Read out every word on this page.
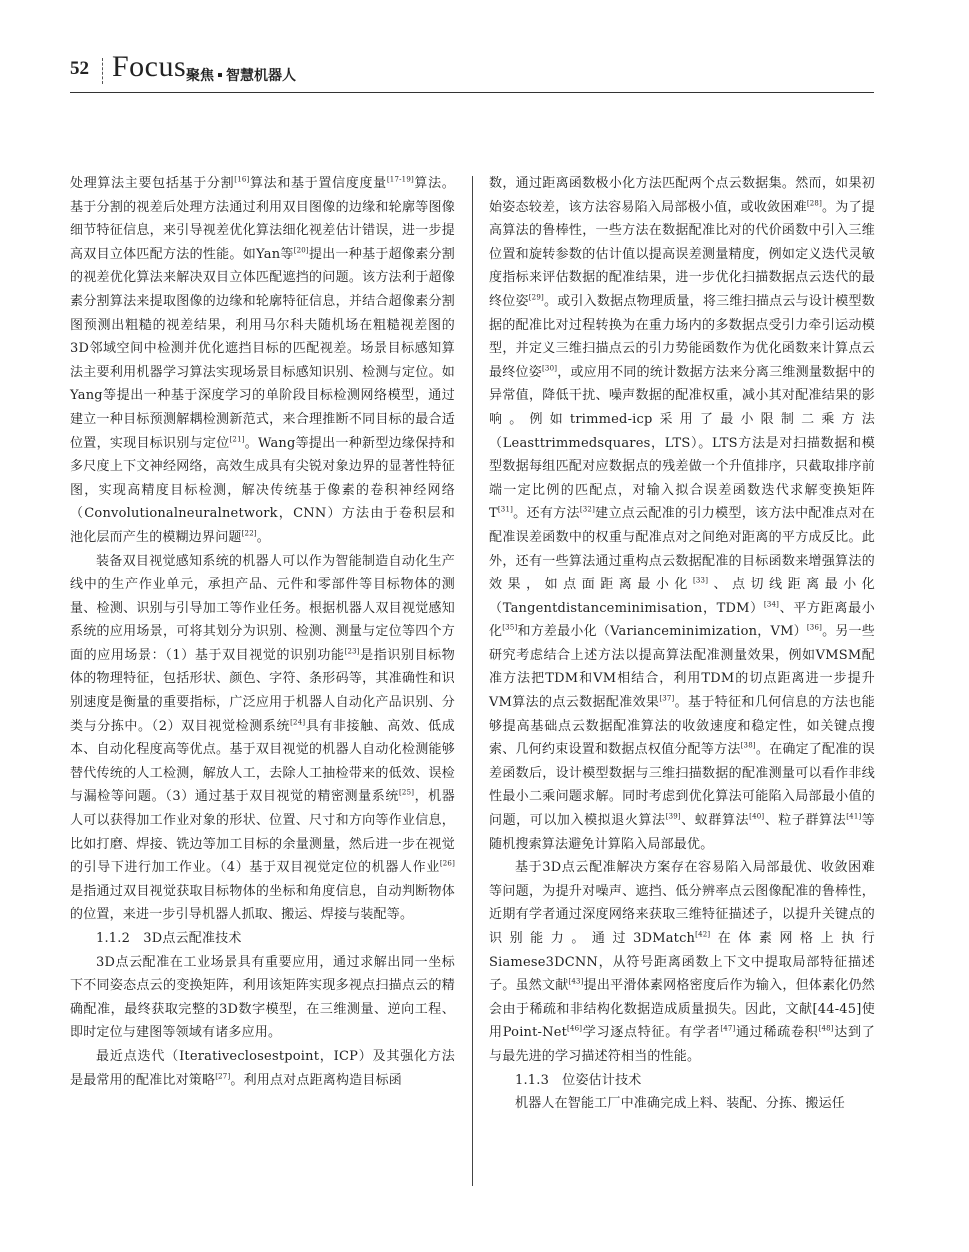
52 Focus 聚焦 智慧机器人

处理算法主要包括基于分割[16]算法和基于置信度度量[17-19]算法。基于分割的视差后处理方法通过利用双目图像的边缘和轮廓等图像细节特征信息，来引导视差优化算法细化视差估计错误，进一步提高双目立体匹配方法的性能。如Yan等[20]提出一种基于超像素分割的视差优化算法来解决双目立体匹配遮挡的问题。该方法利于超像素分割算法来提取图像的边缘和轮廓特征信息，并结合超像素分割图预测出粗糙的视差结果，利用马尔科夫随机场在粗糙视差图的3D邻域空间中检测并优化遮挡目标的匹配视差。场景目标感知算法主要利用机器学习算法实现场景目标感知识别、检测与定位。如Yang等提出一种基于深度学习的单阶段目标检测网络模型，通过建立一种目标预测解耦检测新范式，来合理推断不同目标的最合适位置，实现目标识别与定位[21]。Wang等提出一种新型边缘保持和多尺度上下文神经网络，高效生成具有尖锐对象边界的显著性特征图，实现高精度目标检测，解决传统基于像素的卷积神经网络（Convolutionalneuralnetwork，CNN）方法由于卷积层和池化层而产生的模糊边界问题[22]。

装备双目视觉感知系统的机器人可以作为智能制造自动化生产线中的生产作业单元，承担产品、元件和零部件等目标物体的测量、检测、识别与引导加工等作业任务。根据机器人双目视觉感知系统的应用场景，可将其划分为识别、检测、测量与定位等四个方面的应用场景：（1）基于双目视觉的识别功能[23]是指识别目标物体的物理特征，包括形状、颜色、字符、条形码等，其准确性和识别速度是衡量的重要指标，广泛应用于机器人自动化产品识别、分类与分拣中。（2）双目视觉检测系统[24]具有非接触、高效、低成本、自动化程度高等优点。基于双目视觉的机器人自动化检测能够替代传统的人工检测，解放人工，去除人工抽检带来的低效、误检与漏检等问题。（3）通过基于双目视觉的精密测量系统[25]，机器人可以获得加工作业对象的形状、位置、尺寸和方向等作业信息，比如打磨、焊接、铣边等加工目标的余量测量，然后进一步在视觉的引导下进行加工作业。（4）基于双目视觉定位的机器人作业[26]是指通过双目视觉获取目标物体的坐标和角度信息，自动判断物体的位置，来进一步引导机器人抓取、搬运、焊接与装配等。

1.1.2　3D点云配准技术

3D点云配准在工业场景具有重要应用，通过求解出同一坐标下不同姿态点云的变换矩阵，利用该矩阵实现多视点扫描点云的精确配准，最终获取完整的3D数字模型，在三维测量、逆向工程、即时定位与建图等领域有诸多应用。

最近点迭代（Iterativeclosestpoint，ICP）及其强化方法是最常用的配准比对策略[27]。利用点对点距离构造目标函

数，通过距离函数极小化方法匹配两个点云数据集。然而，如果初始姿态较差，该方法容易陷入局部极小值，或收敛困难[28]。为了提高算法的鲁棒性，一些方法在数据配准比对的代价函数中引入三维位置和旋转参数的估计值以提高误差测量精度，例如定义迭代灵敏度指标来评估数据的配准结果，进一步优化扫描数据点云迭代的最终位姿[29]。或引入数据点物理质量，将三维扫描点云与设计模型数据的配准比对过程转换为在重力场内的多数据点受引力牵引运动模型，并定义三维扫描点云的引力势能函数作为优化函数来计算点云最终位姿[30]，或应用不同的统计数据方法来分离三维测量数据中的异常值，降低干扰、噪声数据的配准权重，减小其对配准结果的影响。例如trimmed-icp采用了最小限制二乘方法（Leasttrimmedsquares，LTS）。LTS方法是对扫描数据和模型数据每组匹配对应数据点的残差做一个升值排序，只截取排序前端一定比例的匹配点，对输入拟合误差函数迭代求解变换矩阵T[31]。还有方法[32]建立点云配准的引力模型，该方法中配准点对在配准误差函数中的权重与配准点对之间绝对距离的平方成反比。此外，还有一些算法通过重构点云数据配准的目标函数来增强算法的效果，如点面距离最小化[33]、点切线距离最小化（Tangentdistanceminimisation，TDM）[34]、平方距离最小化[35]和方差最小化（Varianceminimization，VM）[36]。另一些研究考虑结合上述方法以提高算法配准测量效果，例如VMSM配准方法把TDM和VM相结合，利用TDM的切点距离进一步提升VM算法的点云数据配准效果[37]。基于特征和几何信息的方法也能够提高基础点云数据配准算法的收敛速度和稳定性，如关键点搜索、几何约束设置和数据点权值分配等方法[38]。在确定了配准的误差函数后，设计模型数据与三维扫描数据的配准测量可以看作非线性最小二乘问题求解。同时考虑到优化算法可能陷入局部最小值的问题，可以加入模拟退火算法[39]、蚁群算法[40]、粒子群算法[41]等随机搜索算法避免计算陷入局部最优。

基于3D点云配准解决方案存在容易陷入局部最优、收敛困难等问题，为提升对噪声、遮挡、低分辨率点云图像配准的鲁棒性，近期有学者通过深度网络来获取三维特征描述子，以提升关键点的识别能力。通过3DMatch[42]在体素网格上执行Siamese3DCNN，从符号距离函数上下文中提取局部特征描述子。虽然文献[43]提出平滑体素网格密度后作为输入，但体素化仍然会由于稀疏和非结构化数据造成质量损失。因此，文献[44-45]使用Point-Net[46]学习逐点特征。有学者[47]通过稀疏卷积[48]达到了与最先进的学习描述符相当的性能。

1.1.3　位姿估计技术

机器人在智能工厂中准确完成上料、装配、分拣、搬运任
